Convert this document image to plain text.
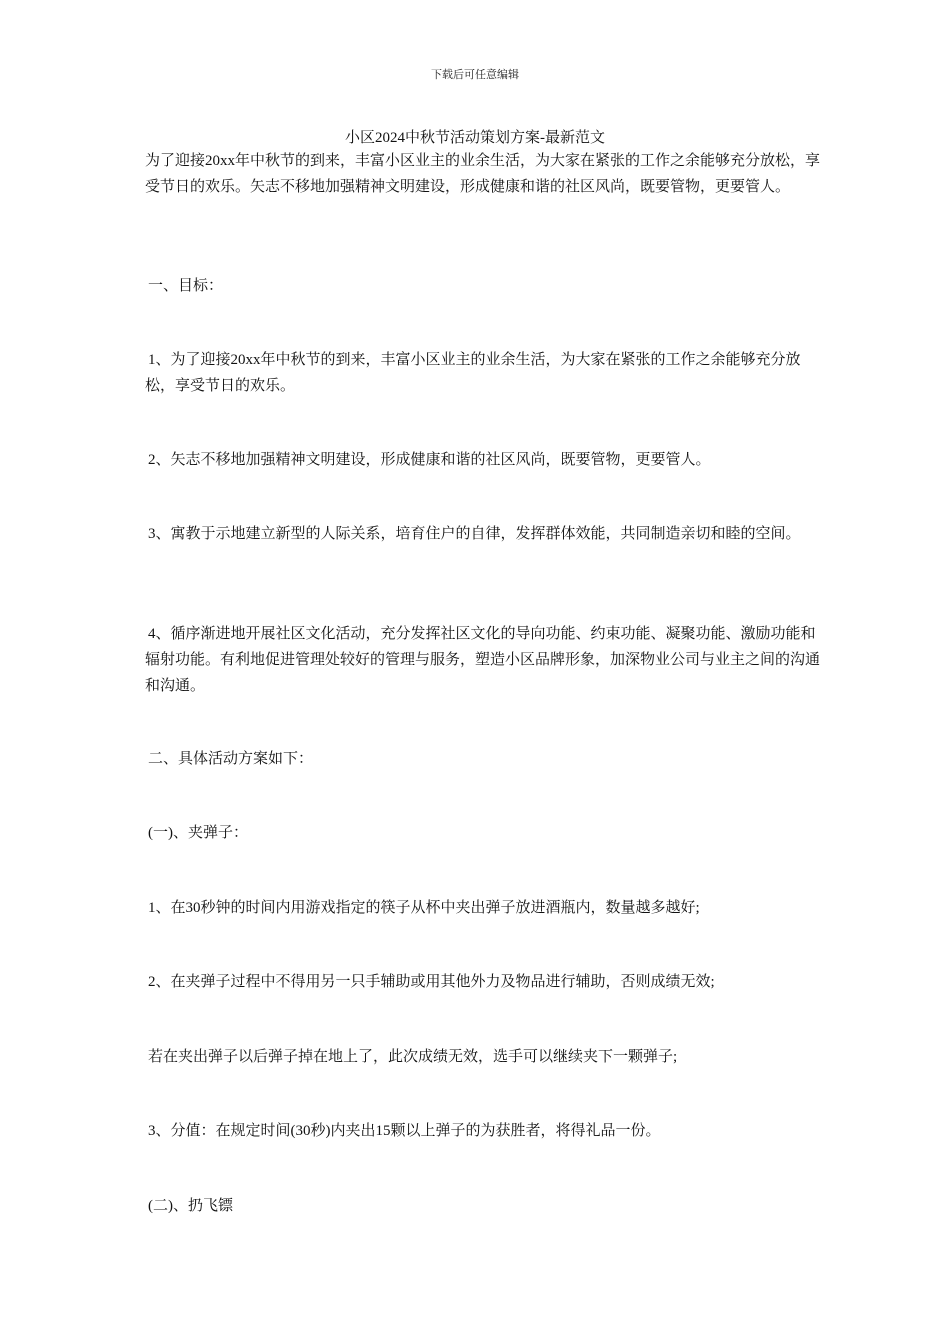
下载后可任意编辑
小区2024中秋节活动策划方案-最新范文

为了迎接20xx年中秋节的到来，丰富小区业主的业余生活，为大家在紧张的工作之余能够充分放松，享受节日的欢乐。矢志不移地加强精神文明建设，形成健康和谐的社区风尚，既要管物，更要管人。

一、目标：

1、为了迎接20xx年中秋节的到来，丰富小区业主的业余生活，为大家在紧张的工作之余能够充分放松，享受节日的欢乐。

2、矢志不移地加强精神文明建设，形成健康和谐的社区风尚，既要管物，更要管人。

3、寓教于示地建立新型的人际关系，培育住户的自律，发挥群体效能，共同制造亲切和睦的空间。

4、循序渐进地开展社区文化活动，充分发挥社区文化的导向功能、约束功能、凝聚功能、激励功能和辐射功能。有利地促进管理处较好的管理与服务，塑造小区品牌形象，加深物业公司与业主之间的沟通和沟通。

二、具体活动方案如下：

(一)、夹弹子：

1、在30秒钟的时间内用游戏指定的筷子从杯中夹出弹子放进酒瓶内，数量越多越好;

2、在夹弹子过程中不得用另一只手辅助或用其他外力及物品进行辅助，否则成绩无效;

若在夹出弹子以后弹子掉在地上了，此次成绩无效，选手可以继续夹下一颗弹子;

3、分值：在规定时间(30秒)内夹出15颗以上弹子的为获胜者，将得礼品一份。

(二)、扔飞镖
